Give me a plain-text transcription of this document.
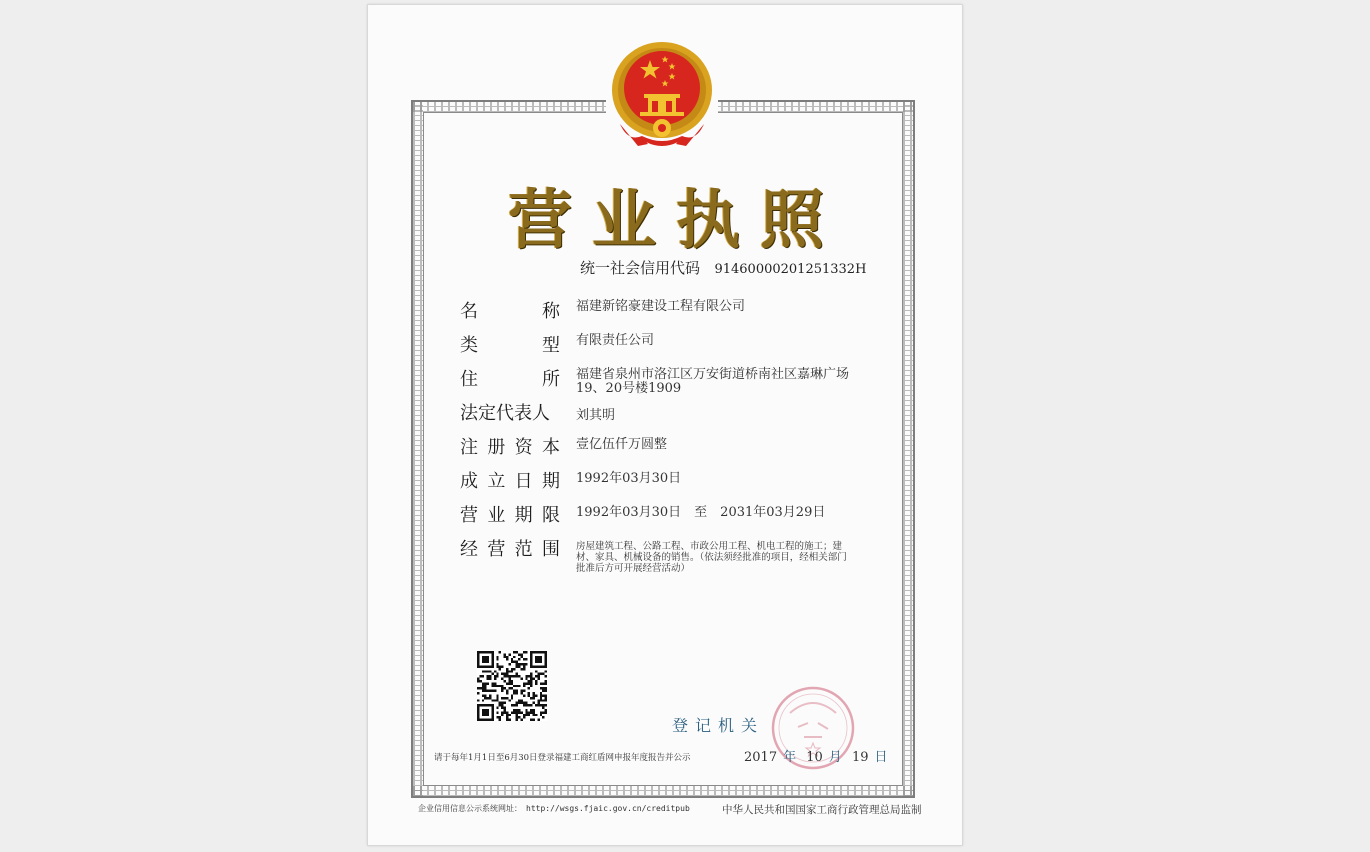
营业执照
统一社会信用代码 91460000201251332H
名	称 福建新铭豪建设工程有限公司
类	型 有限责任公司
住	所 福建省泉州市洛江区万安街道桥南社区嘉琳广场19、20号楼1909
法 定 代 表 人 刘其明
注 册 资 本 壹亿伍仟万圆整
成 立 日 期 1992年03月30日
营 业 期 限 1992年03月30日　至　2031年03月29日
经 营 范 围 房屋建筑工程、公路工程、市政公用工程、机电工程的施工；建材、家具、机械设备的销售。（依法须经批准的项目，经相关部门批准后方可开展经营活动）
登记机关
请于每年1月1日至6月30日登录福建工商红盾网申报年度报告并公示	2017 年 10 月 19 日
企业信用信息公示系统网址： http://wsgs.fjaic.gov.cn/creditpub	中华人民共和国国家工商行政管理总局监制
